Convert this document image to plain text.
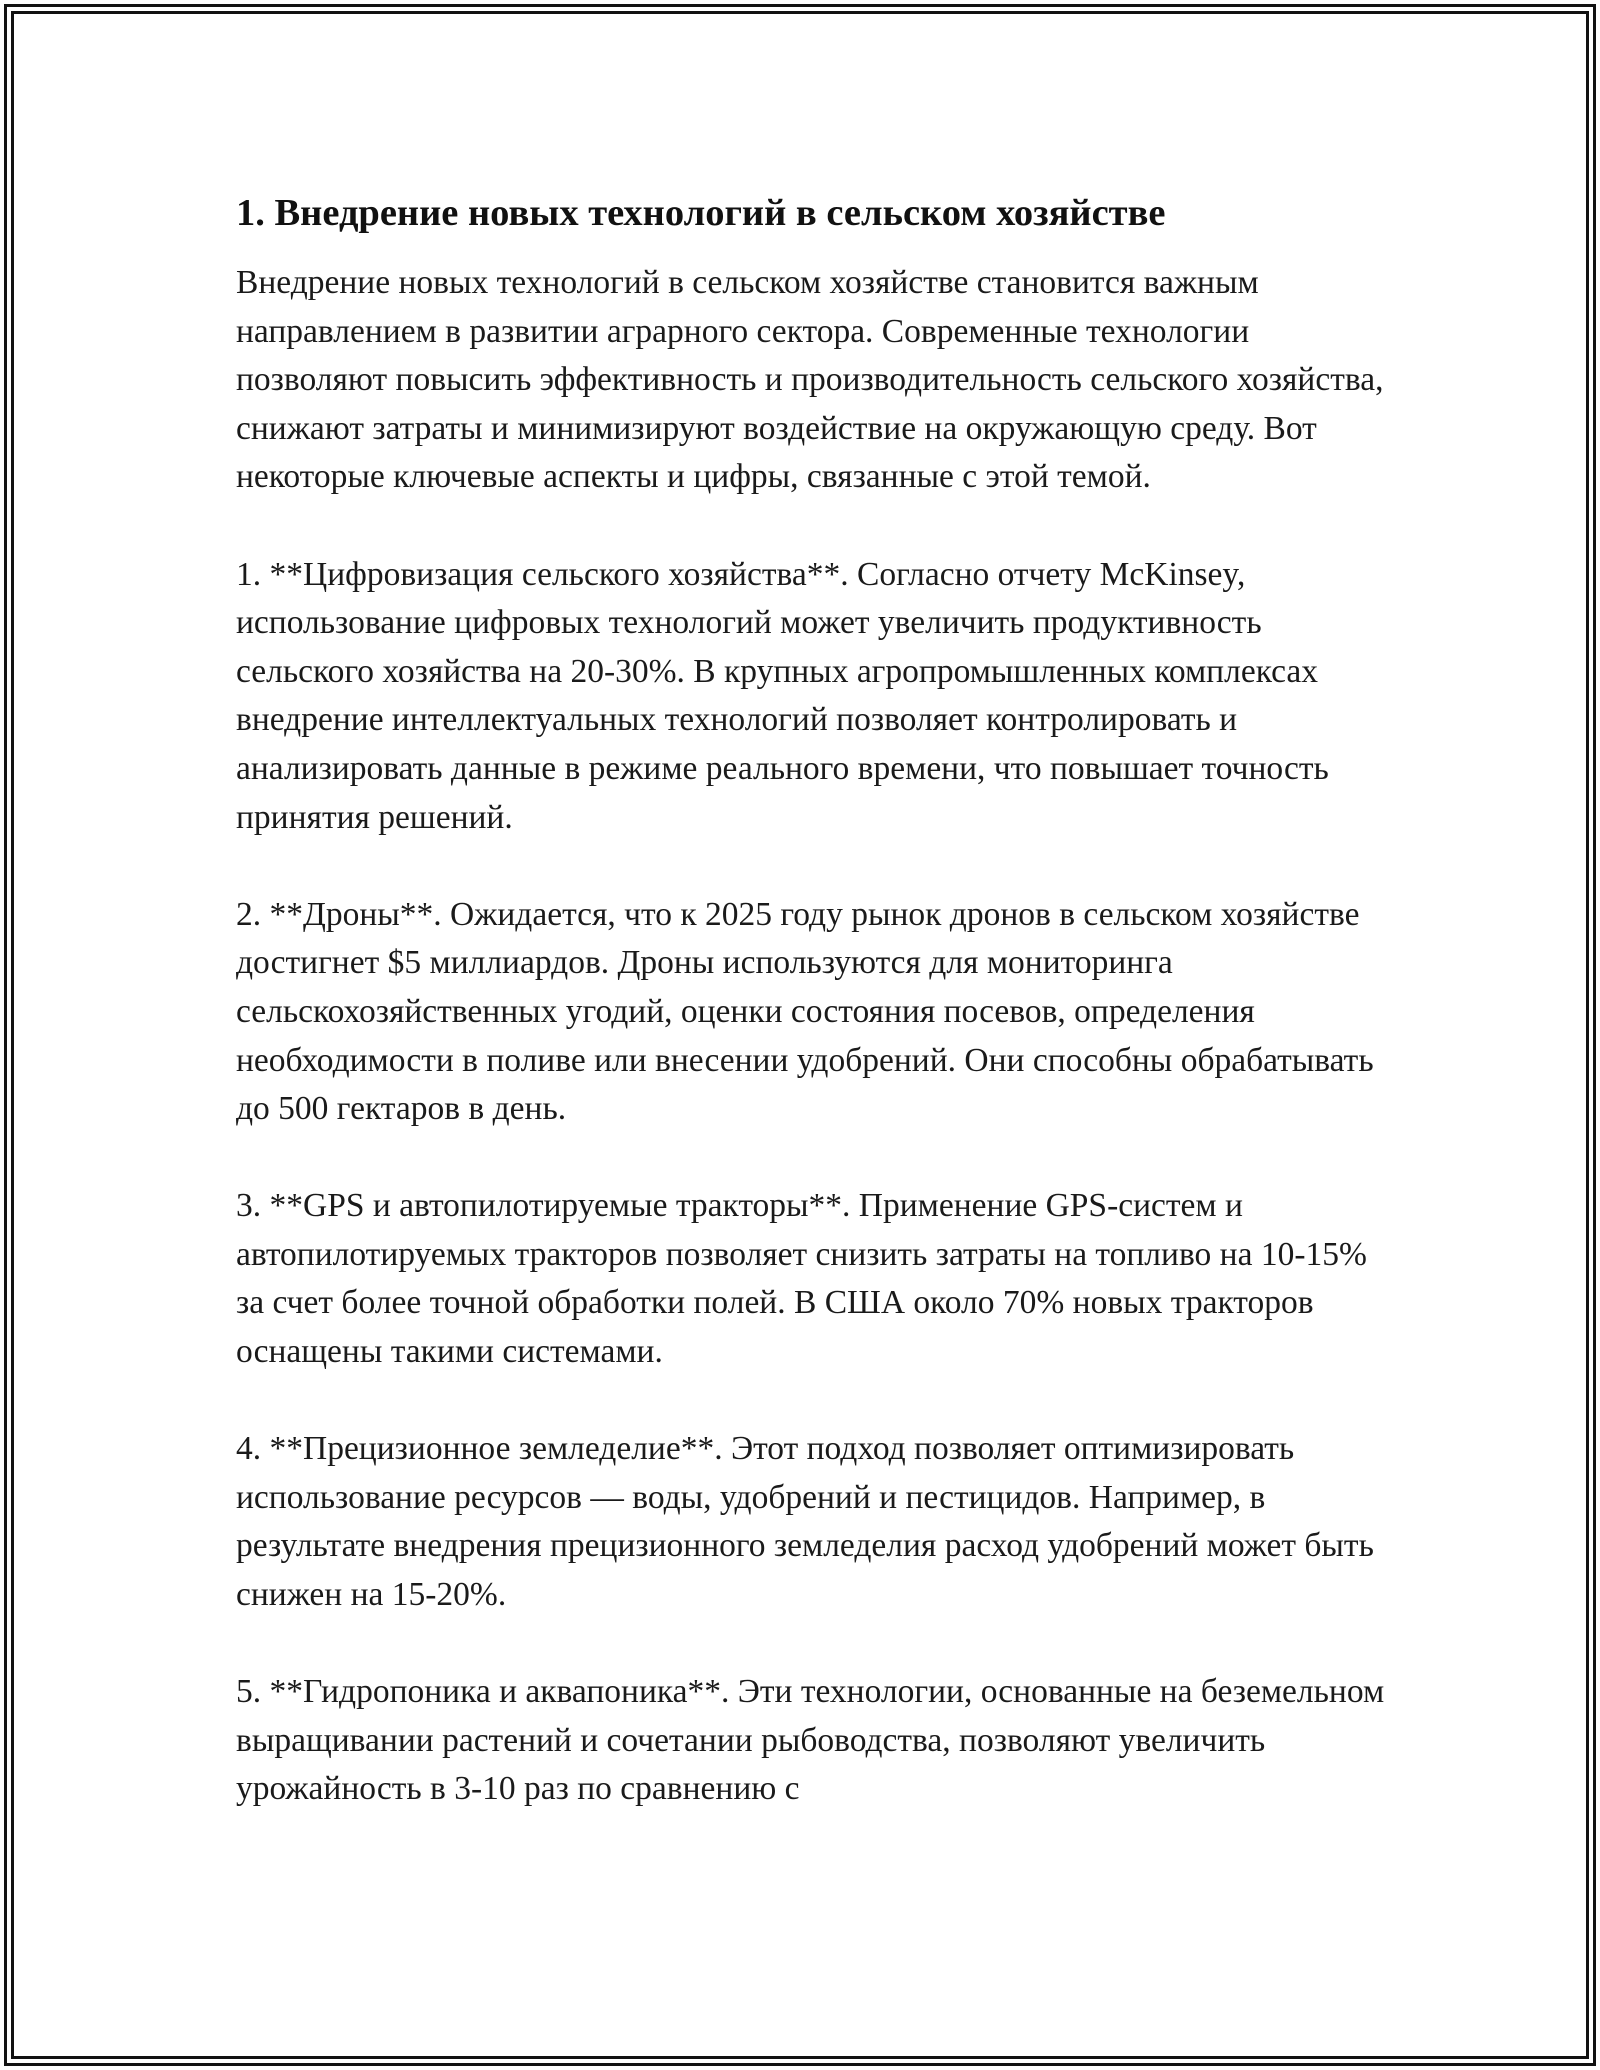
1. Внедрение новых технологий в сельском хозяйстве

Внедрение новых технологий в сельском хозяйстве становится важным направлением в развитии аграрного сектора. Современные технологии позволяют повысить эффективность и производительность сельского хозяйства, снижают затраты и минимизируют воздействие на окружающую среду. Вот некоторые ключевые аспекты и цифры, связанные с этой темой.

1. **Цифровизация сельского хозяйства**. Согласно отчету McKinsey, использование цифровых технологий может увеличить продуктивность сельского хозяйства на 20-30%. В крупных агропромышленных комплексах внедрение интеллектуальных технологий позволяет контролировать и анализировать данные в режиме реального времени, что повышает точность принятия решений.

2. **Дроны**. Ожидается, что к 2025 году рынок дронов в сельском хозяйстве достигнет $5 миллиардов. Дроны используются для мониторинга сельскохозяйственных угодий, оценки состояния посевов, определения необходимости в поливе или внесении удобрений. Они способны обрабатывать до 500 гектаров в день.

3. **GPS и автопилотируемые тракторы**. Применение GPS-систем и автопилотируемых тракторов позволяет снизить затраты на топливо на 10-15% за счет более точной обработки полей. В США около 70% новых тракторов оснащены такими системами.

4. **Прецизионное земледелие**. Этот подход позволяет оптимизировать использование ресурсов — воды, удобрений и пестицидов. Например, в результате внедрения прецизионного земледелия расход удобрений может быть снижен на 15-20%.

5. **Гидропоника и аквапоника**. Эти технологии, основанные на беземельном выращивании растений и сочетании рыбоводства, позволяют увеличить урожайность в 3-10 раз по сравнению с
